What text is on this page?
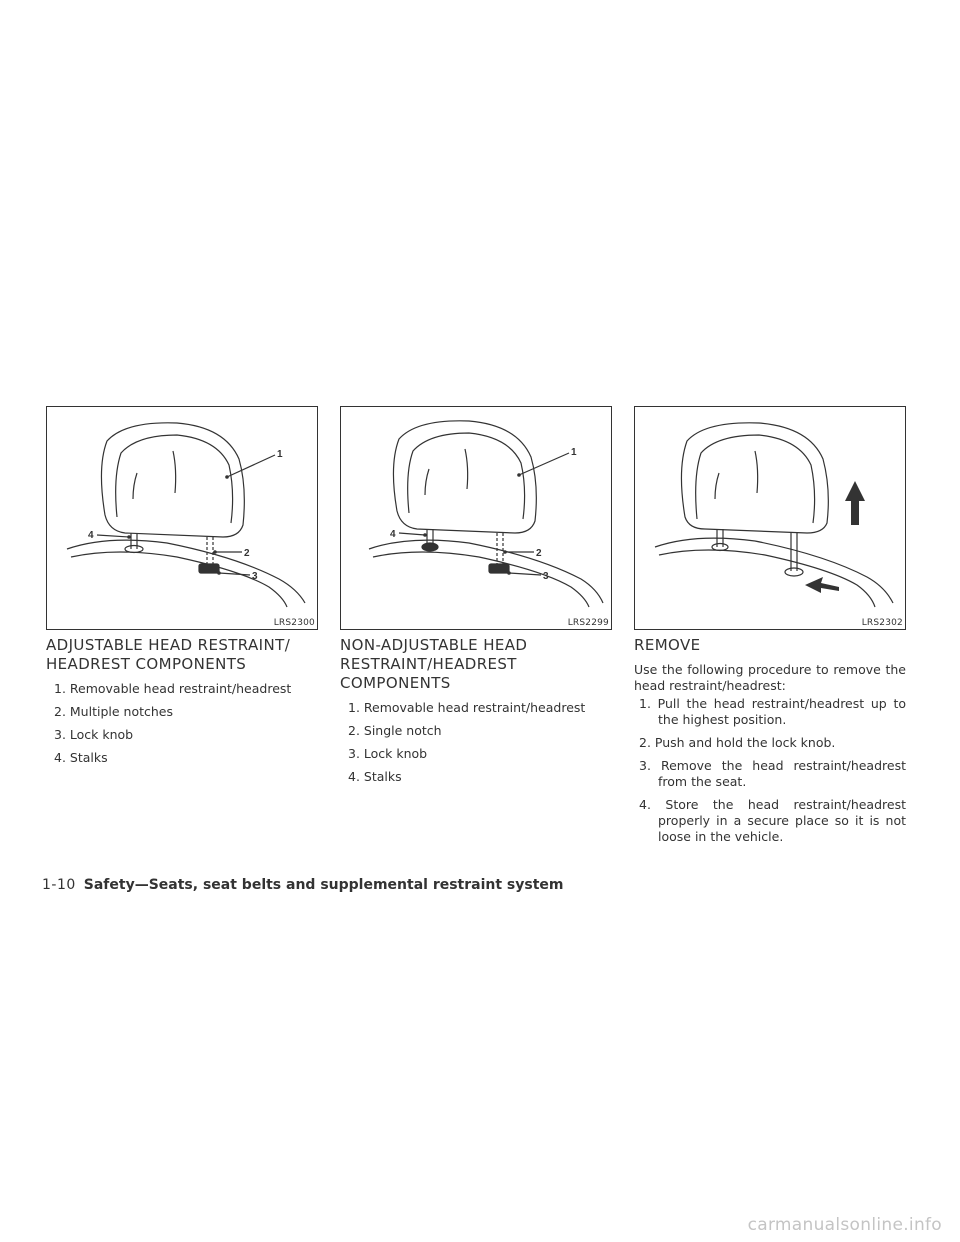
1
4
2
3
LRS2300
ADJUSTABLE HEAD RESTRAINT/
HEADREST COMPONENTS
1. Removable head restraint/headrest
2. Multiple notches
3. Lock knob
4. Stalks
1
4
2
3
LRS2299
NON-ADJUSTABLE HEAD
RESTRAINT/HEADREST
COMPONENTS
1. Removable head restraint/headrest
2. Single notch
3. Lock knob
4. Stalks
LRS2302
REMOVE

Use the following procedure to remove the head restraint/headrest:

1. Pull the head restraint/headrest up to the highest position.
2. Push and hold the lock knob.
3. Remove the head restraint/headrest from the seat.
4. Store the head restraint/headrest properly in a secure place so it is not loose in the vehicle.
1-10 Safety—Seats, seat belts and supplemental restraint system
carmanualsonline.info
